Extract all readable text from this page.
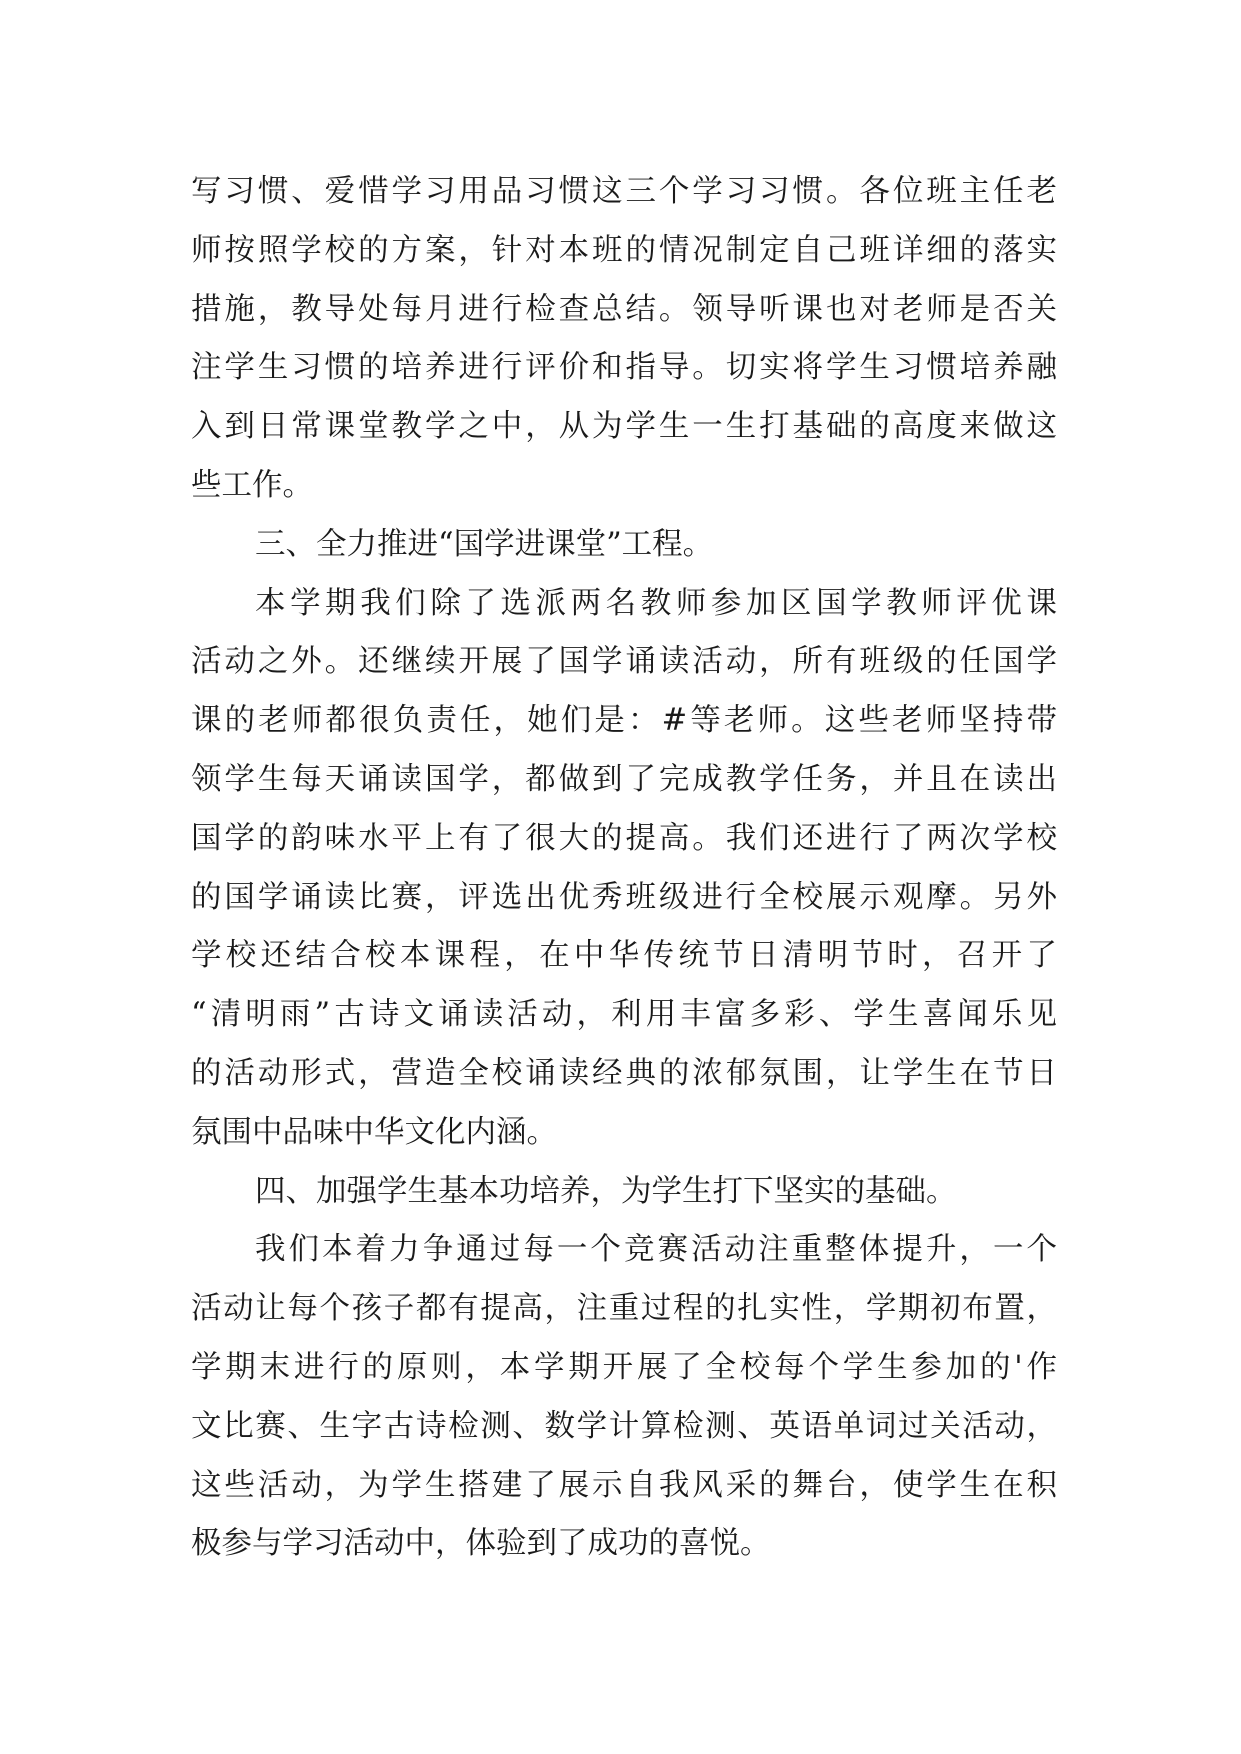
写习惯、爱惜学习用品习惯这三个学习习惯。各位班主任老
师按照学校的方案，针对本班的情况制定自己班详细的落实
措施，教导处每月进行检查总结。领导听课也对老师是否关
注学生习惯的培养进行评价和指导。切实将学生习惯培养融
入到日常课堂教学之中，从为学生一生打基础的高度来做这
些工作。
三、全力推进“国学进课堂”工程。
本学期我们除了选派两名教师参加区国学教师评优课
活动之外。还继续开展了国学诵读活动，所有班级的任国学
课的老师都很负责任，她们是：#等老师。这些老师坚持带
领学生每天诵读国学，都做到了完成教学任务，并且在读出
国学的韵味水平上有了很大的提高。我们还进行了两次学校
的国学诵读比赛，评选出优秀班级进行全校展示观摩。另外
学校还结合校本课程，在中华传统节日清明节时，召开了
“清明雨”古诗文诵读活动，利用丰富多彩、学生喜闻乐见
的活动形式，营造全校诵读经典的浓郁氛围，让学生在节日
氛围中品味中华文化内涵。
四、加强学生基本功培养，为学生打下坚实的基础。
我们本着力争通过每一个竞赛活动注重整体提升，一个
活动让每个孩子都有提高，注重过程的扎实性，学期初布置，
学期末进行的原则，本学期开展了全校每个学生参加的'作
文比赛、生字古诗检测、数学计算检测、英语单词过关活动，
这些活动，为学生搭建了展示自我风采的舞台，使学生在积
极参与学习活动中，体验到了成功的喜悦。
